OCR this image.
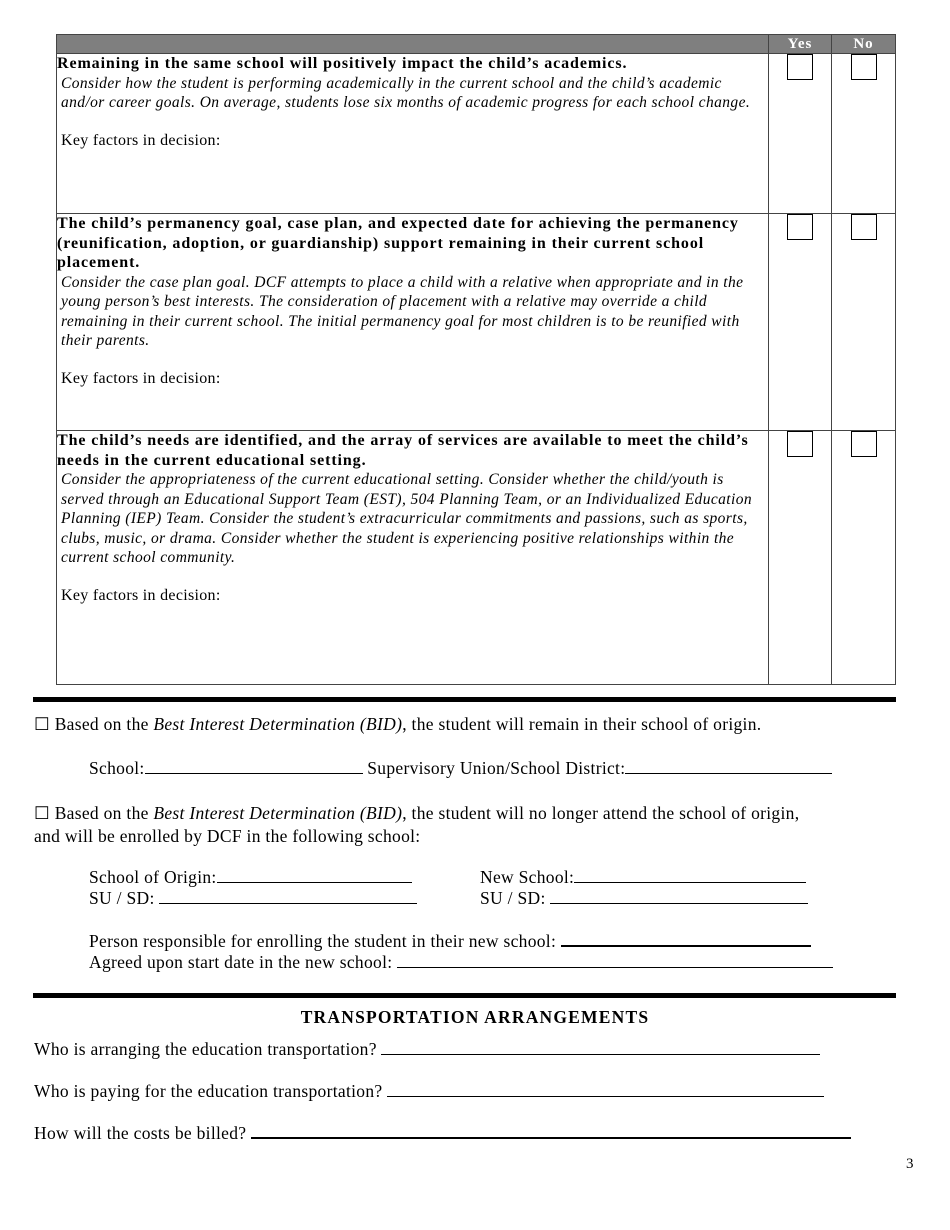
	Yes	No

Remaining in the same school will positively impact the child’s academics.
Consider how the student is performing academically in the current school and the child’s academic and/or career goals. On average, students lose six months of academic progress for each school change.
Key factors in decision:		

The child’s permanency goal, case plan, and expected date for achieving the permanency (reunification, adoption, or guardianship) support remaining in their current school placement.
Consider the case plan goal. DCF attempts to place a child with a relative when appropriate and in the young person’s best interests. The consideration of placement with a relative may override a child remaining in their current school. The initial permanency goal for most children is to be reunified with their parents.
Key factors in decision:		

The child’s needs are identified, and the array of services are available to meet the child’s needs in the current educational setting.
Consider the appropriateness of the current educational setting. Consider whether the child/youth is served through an Educational Support Team (EST), 504 Planning Team, or an Individualized Education Planning (IEP) Team. Consider the student’s extracurricular commitments and passions, such as sports, clubs, music, or drama. Consider whether the student is experiencing positive relationships within the current school community.
Key factors in decision:		

☐ Based on the Best Interest Determination (BID), the student will remain in their school of origin.
School:	Supervisory Union/School District:
☐ Based on the Best Interest Determination (BID), the student will no longer attend the school of origin,
and will be enrolled by DCF in the following school:
School of Origin:
SU / SD:
New School:
SU / SD:
Person responsible for enrolling the student in their new school:
Agreed upon start date in the new school:
TRANSPORTATION ARRANGEMENTS
Who is arranging the education transportation?
Who is paying for the education transportation?
How will the costs be billed?
3
